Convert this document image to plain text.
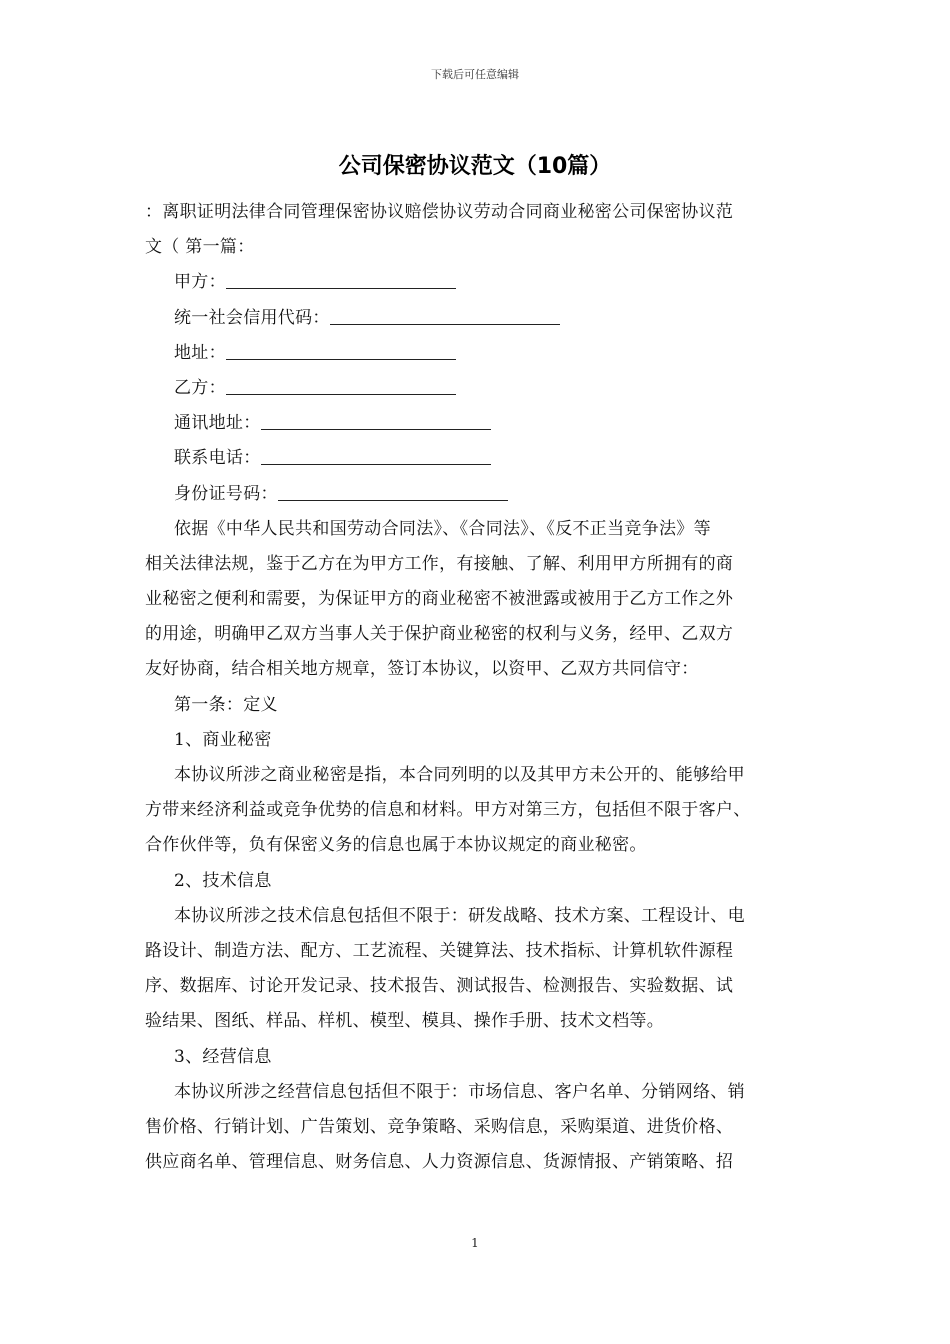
下载后可任意编辑
公司保密协议范文（10篇）
：离职证明法律合同管理保密协议赔偿协议劳动合同商业秘密公司保密协议范
文（ 第一篇：
甲方：
统一社会信用代码：
地址：
乙方：
通讯地址：
联系电话：
身份证号码：
依据《中华人民共和国劳动合同法》、《合同法》、《反不正当竞争法》等
相关法律法规，鉴于乙方在为甲方工作，有接触、了解、利用甲方所拥有的商
业秘密之便利和需要，为保证甲方的商业秘密不被泄露或被用于乙方工作之外
的用途，明确甲乙双方当事人关于保护商业秘密的权利与义务，经甲、乙双方
友好协商，结合相关地方规章，签订本协议，以资甲、乙双方共同信守：
第一条：定义
1、商业秘密
本协议所涉之商业秘密是指，本合同列明的以及其甲方未公开的、能够给甲
方带来经济利益或竞争优势的信息和材料。甲方对第三方，包括但不限于客户、
合作伙伴等，负有保密义务的信息也属于本协议规定的商业秘密。
2、技术信息
本协议所涉之技术信息包括但不限于：研发战略、技术方案、工程设计、电
路设计、制造方法、配方、工艺流程、关键算法、技术指标、计算机软件源程
序、数据库、讨论开发记录、技术报告、测试报告、检测报告、实验数据、试
验结果、图纸、样品、样机、模型、模具、操作手册、技术文档等。
3、经营信息
本协议所涉之经营信息包括但不限于：市场信息、客户名单、分销网络、销
售价格、行销计划、广告策划、竞争策略、采购信息，采购渠道、进货价格、
供应商名单、管理信息、财务信息、人力资源信息、货源情报、产销策略、招
1
